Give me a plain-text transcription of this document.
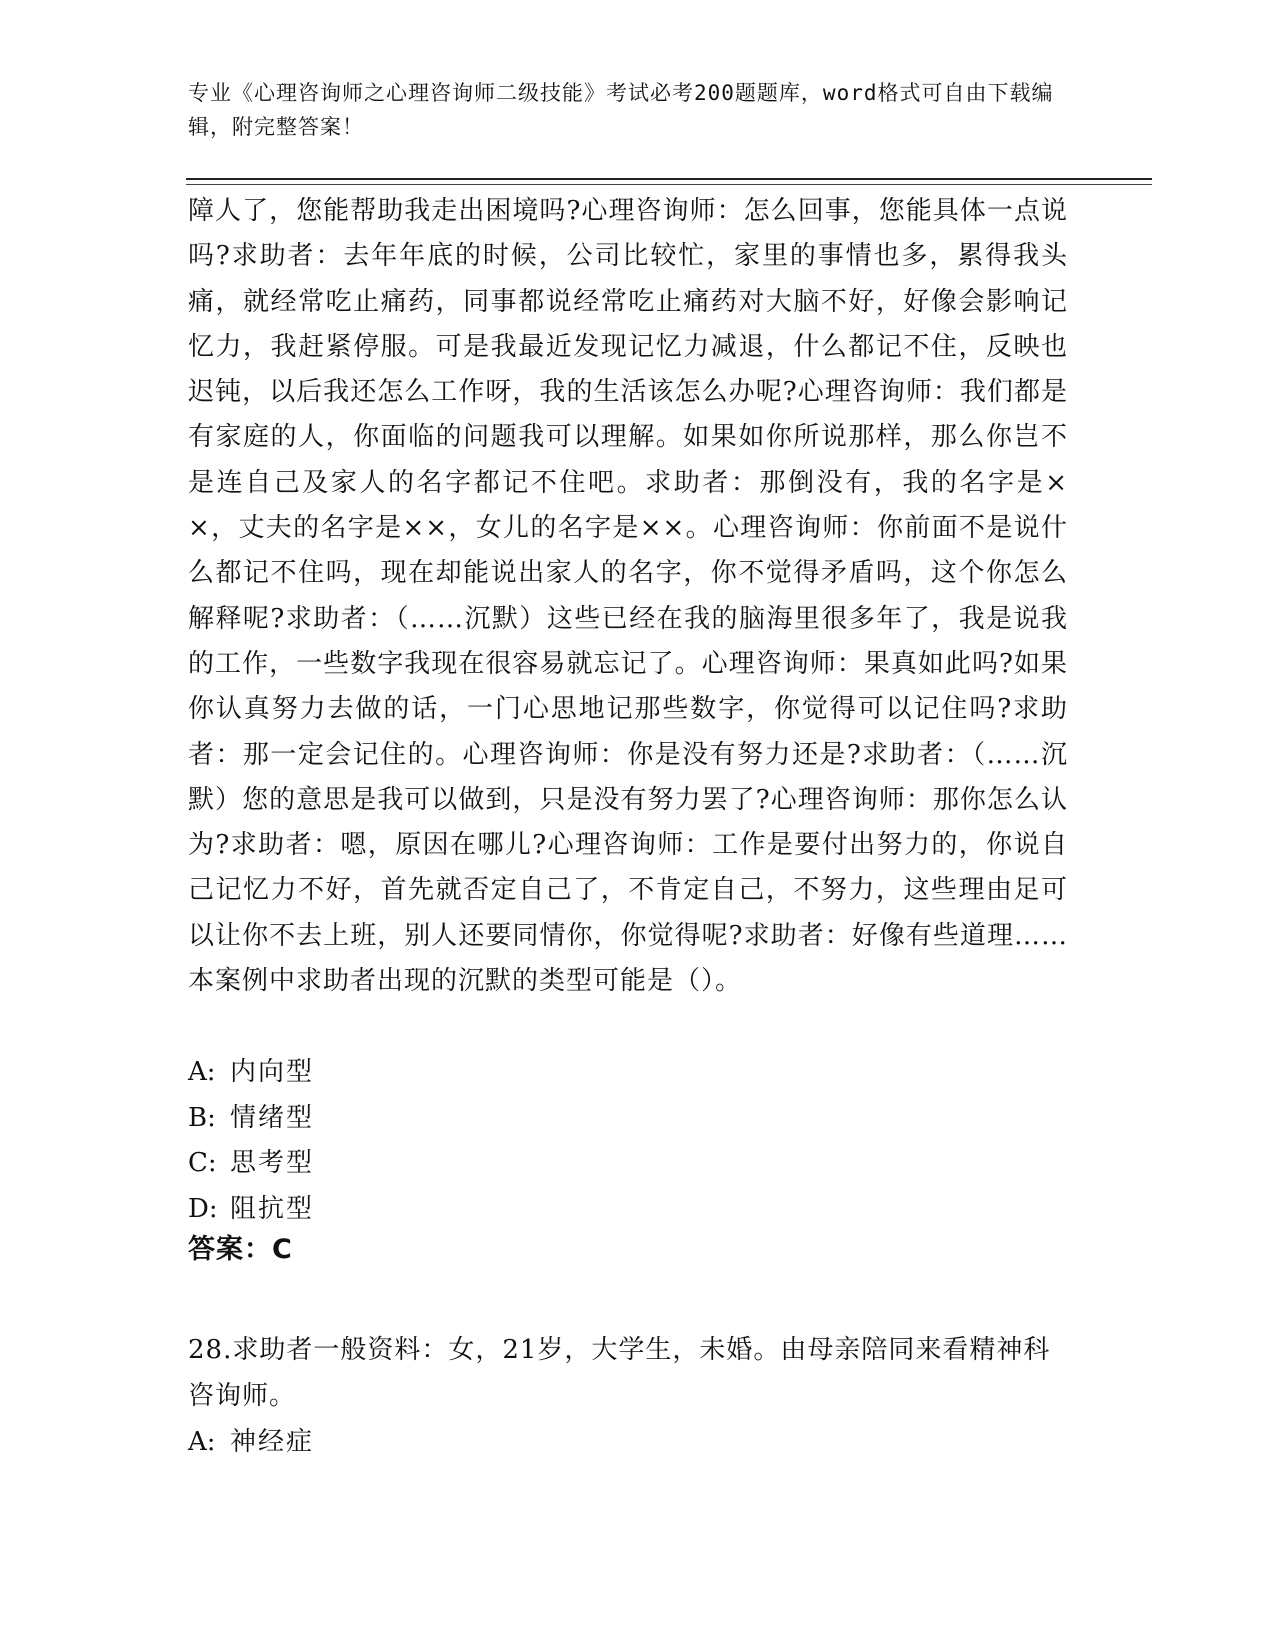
专业《心理咨询师之心理咨询师二级技能》考试必考200题题库，word格式可自由下载编辑，附完整答案！
障人了，您能帮助我走出困境吗?心理咨询师：怎么回事，您能具体一点说吗?求助者：去年年底的时候，公司比较忙，家里的事情也多，累得我头痛，就经常吃止痛药，同事都说经常吃止痛药对大脑不好，好像会影响记忆力，我赶紧停服。可是我最近发现记忆力减退，什么都记不住，反映也迟钝，以后我还怎么工作呀，我的生活该怎么办呢?心理咨询师：我们都是有家庭的人，你面临的问题我可以理解。如果如你所说那样，那么你岂不是连自己及家人的名字都记不住吧。求助者：那倒没有，我的名字是××，丈夫的名字是××，女儿的名字是××。心理咨询师：你前面不是说什么都记不住吗，现在却能说出家人的名字，你不觉得矛盾吗，这个你怎么解释呢?求助者：（……沉默）这些已经在我的脑海里很多年了，我是说我的工作，一些数字我现在很容易就忘记了。心理咨询师：果真如此吗?如果你认真努力去做的话，一门心思地记那些数字，你觉得可以记住吗?求助者：那一定会记住的。心理咨询师：你是没有努力还是?求助者：（……沉默）您的意思是我可以做到，只是没有努力罢了?心理咨询师：那你怎么认为?求助者：嗯，原因在哪儿?心理咨询师：工作是要付出努力的，你说自己记忆力不好，首先就否定自己了，不肯定自己，不努力，这些理由足可以让你不去上班，别人还要同情你，你觉得呢?求助者：好像有些道理……本案例中求助者出现的沉默的类型可能是（）。
A: 内向型
B: 情绪型
C: 思考型
D: 阻抗型
答案：C
28.求助者一般资料：女，21岁，大学生，未婚。由母亲陪同来看精神科咨询师。
A: 神经症
